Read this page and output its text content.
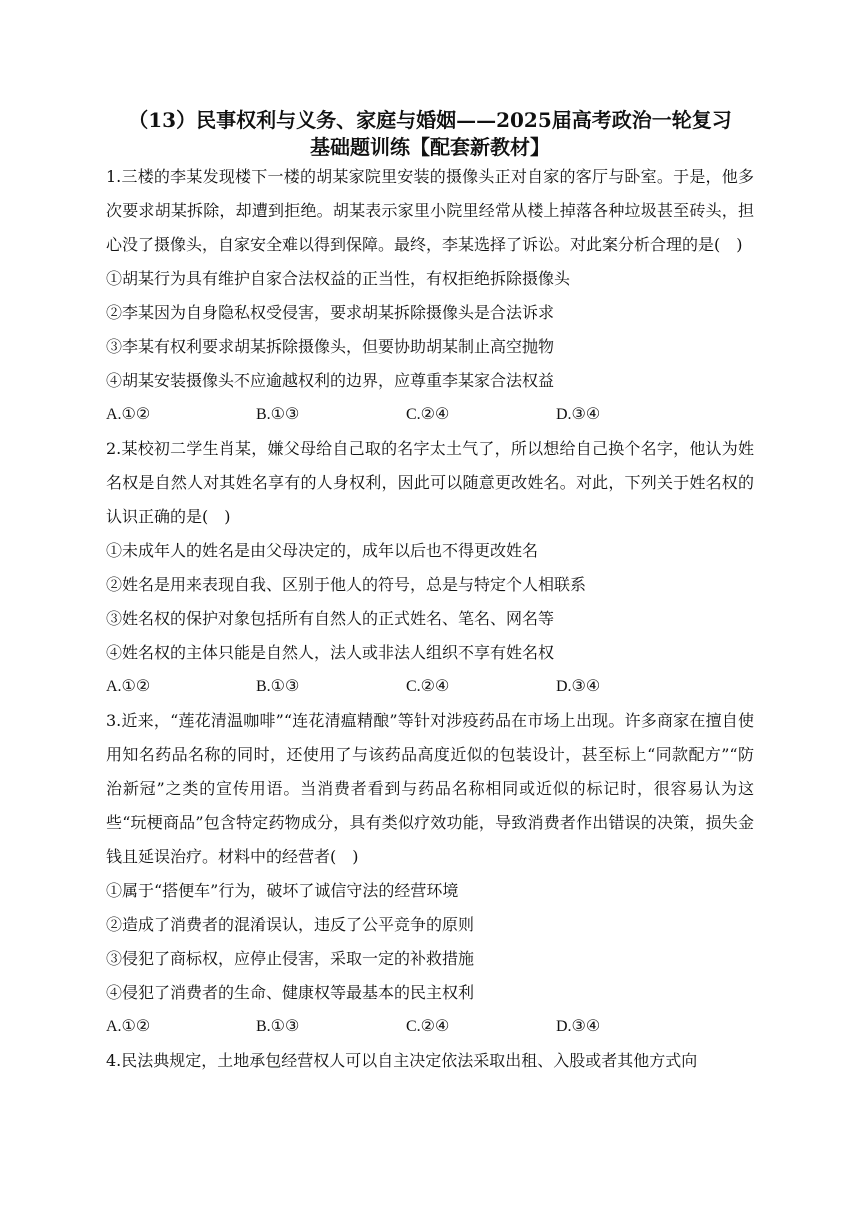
（13）民事权利与义务、家庭与婚姻——2025届高考政治一轮复习
基础题训练【配套新教材】

1.三楼的李某发现楼下一楼的胡某家院里安装的摄像头正对自家的客厅与卧室。于是，他多次要求胡某拆除，却遭到拒绝。胡某表示家里小院里经常从楼上掉落各种垃圾甚至砖头，担心没了摄像头，自家安全难以得到保障。最终，李某选择了诉讼。对此案分析合理的是(　)

①胡某行为具有维护自家合法权益的正当性，有权拒绝拆除摄像头

②李某因为自身隐私权受侵害，要求胡某拆除摄像头是合法诉求

③李某有权利要求胡某拆除摄像头，但要协助胡某制止高空抛物

④胡某安装摄像头不应逾越权利的边界，应尊重李某家合法权益

A.①②	B.①③	C.②④	D.③④

2.某校初二学生肖某，嫌父母给自己取的名字太土气了，所以想给自己换个名字，他认为姓名权是自然人对其姓名享有的人身权利，因此可以随意更改姓名。对此，下列关于姓名权的认识正确的是(　)

①未成年人的姓名是由父母决定的，成年以后也不得更改姓名

②姓名是用来表现自我、区别于他人的符号，总是与特定个人相联系

③姓名权的保护对象包括所有自然人的正式姓名、笔名、网名等

④姓名权的主体只能是自然人，法人或非法人组织不享有姓名权

A.①②	B.①③	C.②④	D.③④

3.近来，“莲花清温咖啡”“连花清瘟精酿”等针对涉疫药品在市场上出现。许多商家在擅自使用知名药品名称的同时，还使用了与该药品高度近似的包装设计，甚至标上“同款配方”“防治新冠”之类的宣传用语。当消费者看到与药品名称相同或近似的标记时，很容易认为这些“玩梗商品”包含特定药物成分，具有类似疗效功能，导致消费者作出错误的决策，损失金钱且延误治疗。材料中的经营者(　)

①属于“搭便车”行为，破坏了诚信守法的经营环境

②造成了消费者的混淆误认，违反了公平竞争的原则

③侵犯了商标权，应停止侵害，采取一定的补救措施

④侵犯了消费者的生命、健康权等最基本的民主权利

A.①②	B.①③	C.②④	D.③④

4.民法典规定，土地承包经营权人可以自主决定依法采取出租、入股或者其他方式向
